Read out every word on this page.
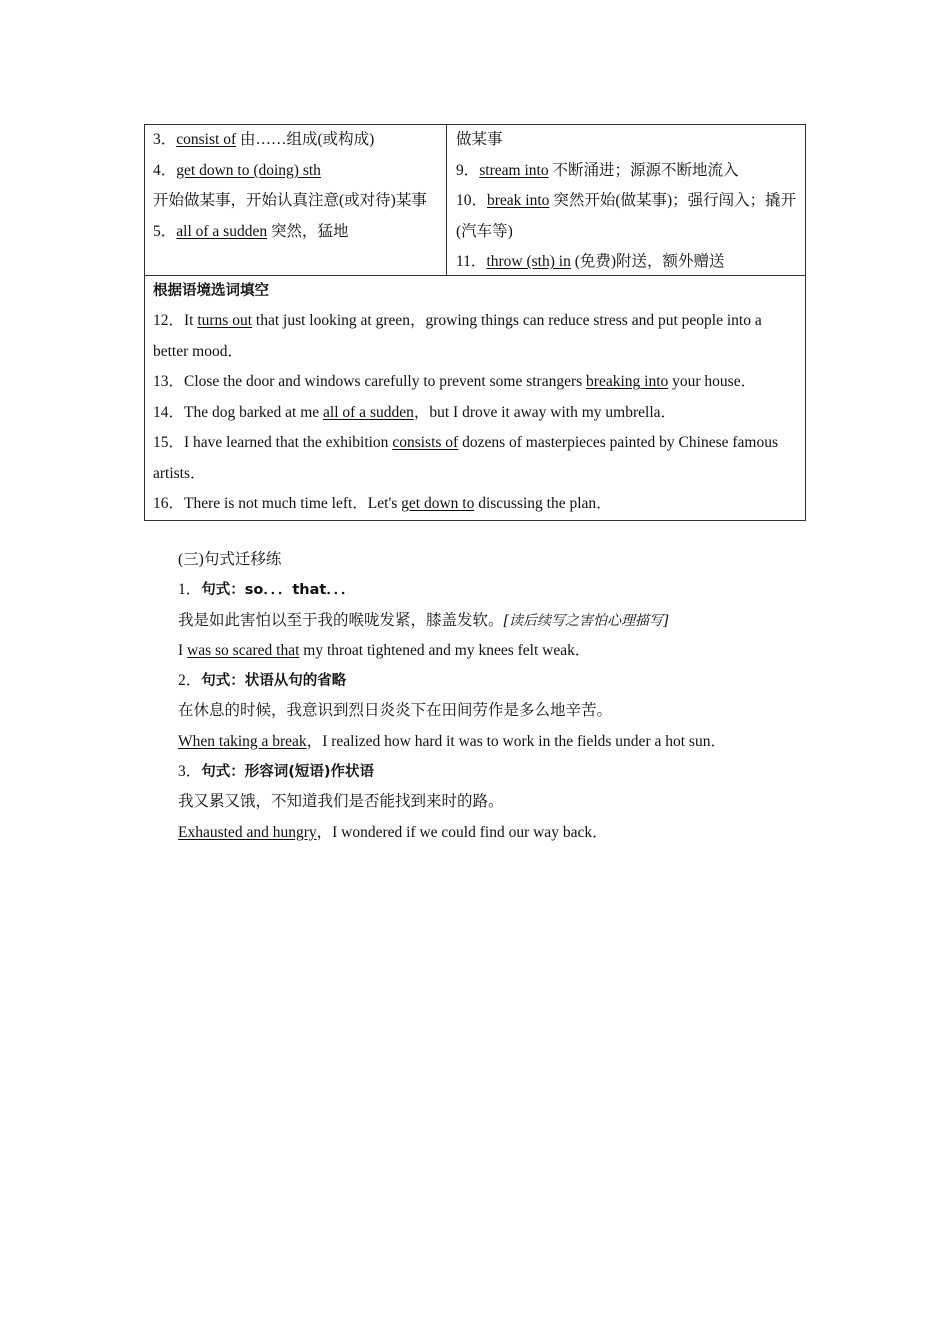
3．consist of 由……组成(或构成)
4．get down to (doing) sth
开始做某事，开始认真注意(或对待)某事
5．all of a sudden 突然，猛地
做某事
9．stream into 不断涌进；源源不断地流入
10．break into 突然开始(做某事)；强行闯入；撬开(汽车等)
11．throw (sth) in (免费)附送，额外赠送
根据语境选词填空
12．It turns out that just looking at green，growing things can reduce stress and put people into a better mood．
13．Close the door and windows carefully to prevent some strangers breaking into your house．
14．The dog barked at me all of a sudden，but I drove it away with my umbrella．
15．I have learned that the exhibition consists of dozens of masterpieces painted by Chinese famous artists．
16．There is not much time left．Let's get down to discussing the plan．
(三)句式迁移练
1．句式：so．．．that．．．
我是如此害怕以至于我的喉咙发紧，膝盖发软。[读后续写之害怕心理描写]
I was so scared that my throat tightened and my knees felt weak．
2．句式：状语从句的省略
在休息的时候，我意识到烈日炎炎下在田间劳作是多么地辛苦。
When taking a break，I realized how hard it was to work in the fields under a hot sun．
3．句式：形容词(短语)作状语
我又累又饿，不知道我们是否能找到来时的路。
Exhausted and hungry，I wondered if we could find our way back．
